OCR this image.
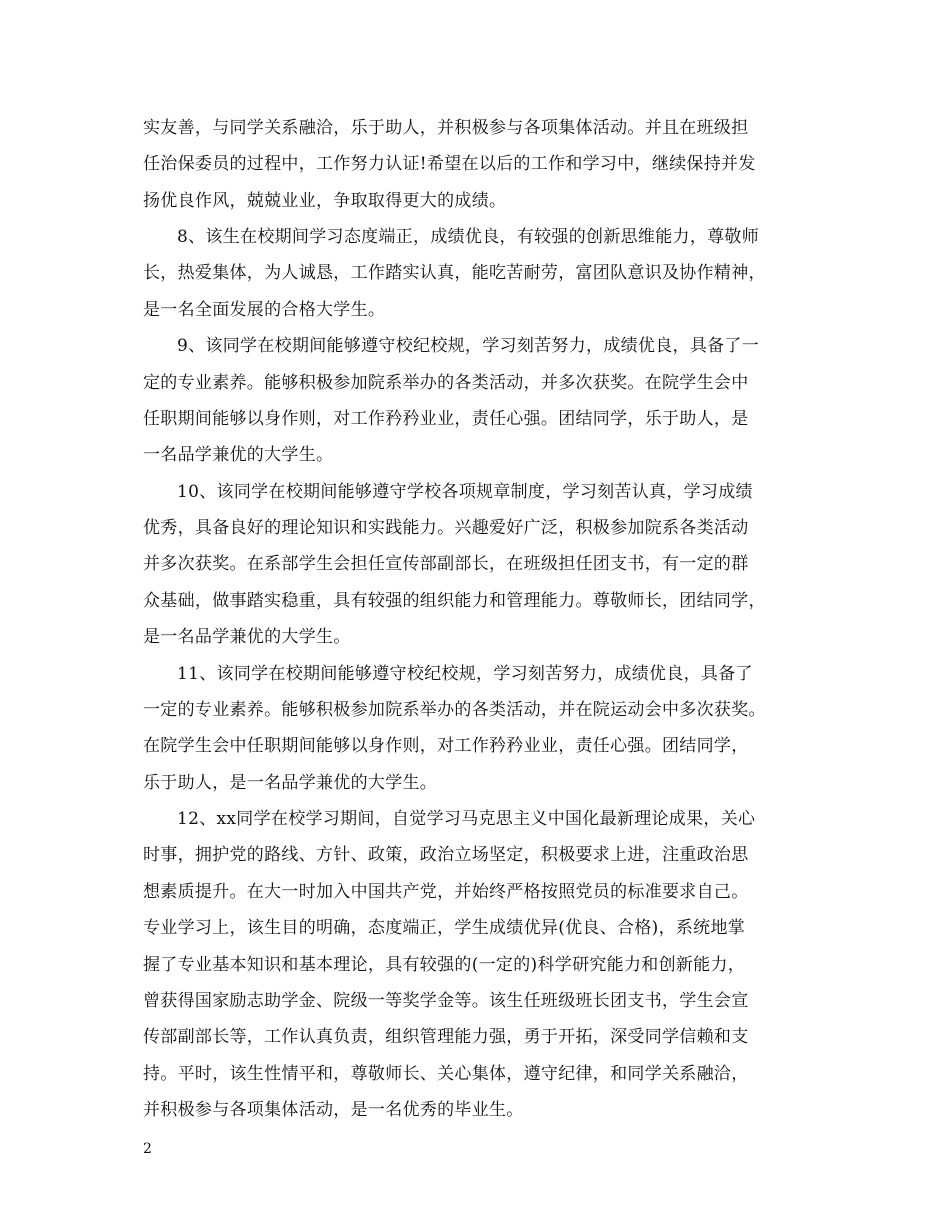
实友善，与同学关系融洽，乐于助人，并积极参与各项集体活动。并且在班级担
任治保委员的过程中，工作努力认证!希望在以后的工作和学习中，继续保持并发
扬优良作风，兢兢业业，争取取得更大的成绩。
8、该生在校期间学习态度端正，成绩优良，有较强的创新思维能力，尊敬师
长，热爱集体，为人诚恳，工作踏实认真，能吃苦耐劳，富团队意识及协作精神，
是一名全面发展的合格大学生。
9、该同学在校期间能够遵守校纪校规，学习刻苦努力，成绩优良，具备了一
定的专业素养。能够积极参加院系举办的各类活动，并多次获奖。在院学生会中
任职期间能够以身作则，对工作矜矜业业，责任心强。团结同学，乐于助人，是
一名品学兼优的大学生。
10、该同学在校期间能够遵守学校各项规章制度，学习刻苦认真，学习成绩
优秀，具备良好的理论知识和实践能力。兴趣爱好广泛，积极参加院系各类活动
并多次获奖。在系部学生会担任宣传部副部长，在班级担任团支书，有一定的群
众基础，做事踏实稳重，具有较强的组织能力和管理能力。尊敬师长，团结同学，
是一名品学兼优的大学生。
11、该同学在校期间能够遵守校纪校规，学习刻苦努力，成绩优良，具备了
一定的专业素养。能够积极参加院系举办的各类活动，并在院运动会中多次获奖。
在院学生会中任职期间能够以身作则，对工作矜矜业业，责任心强。团结同学，
乐于助人，是一名品学兼优的大学生。
12、xx同学在校学习期间，自觉学习马克思主义中国化最新理论成果，关心
时事，拥护党的路线、方针、政策，政治立场坚定，积极要求上进，注重政治思
想素质提升。在大一时加入中国共产党，并始终严格按照党员的标准要求自己。
专业学习上，该生目的明确，态度端正，学生成绩优异(优良、合格)，系统地掌
握了专业基本知识和基本理论，具有较强的(一定的)科学研究能力和创新能力，
曾获得国家励志助学金、院级一等奖学金等。该生任班级班长团支书，学生会宣
传部副部长等，工作认真负责，组织管理能力强，勇于开拓，深受同学信赖和支
持。平时，该生性情平和，尊敬师长、关心集体，遵守纪律，和同学关系融洽，
并积极参与各项集体活动，是一名优秀的毕业生。
2
